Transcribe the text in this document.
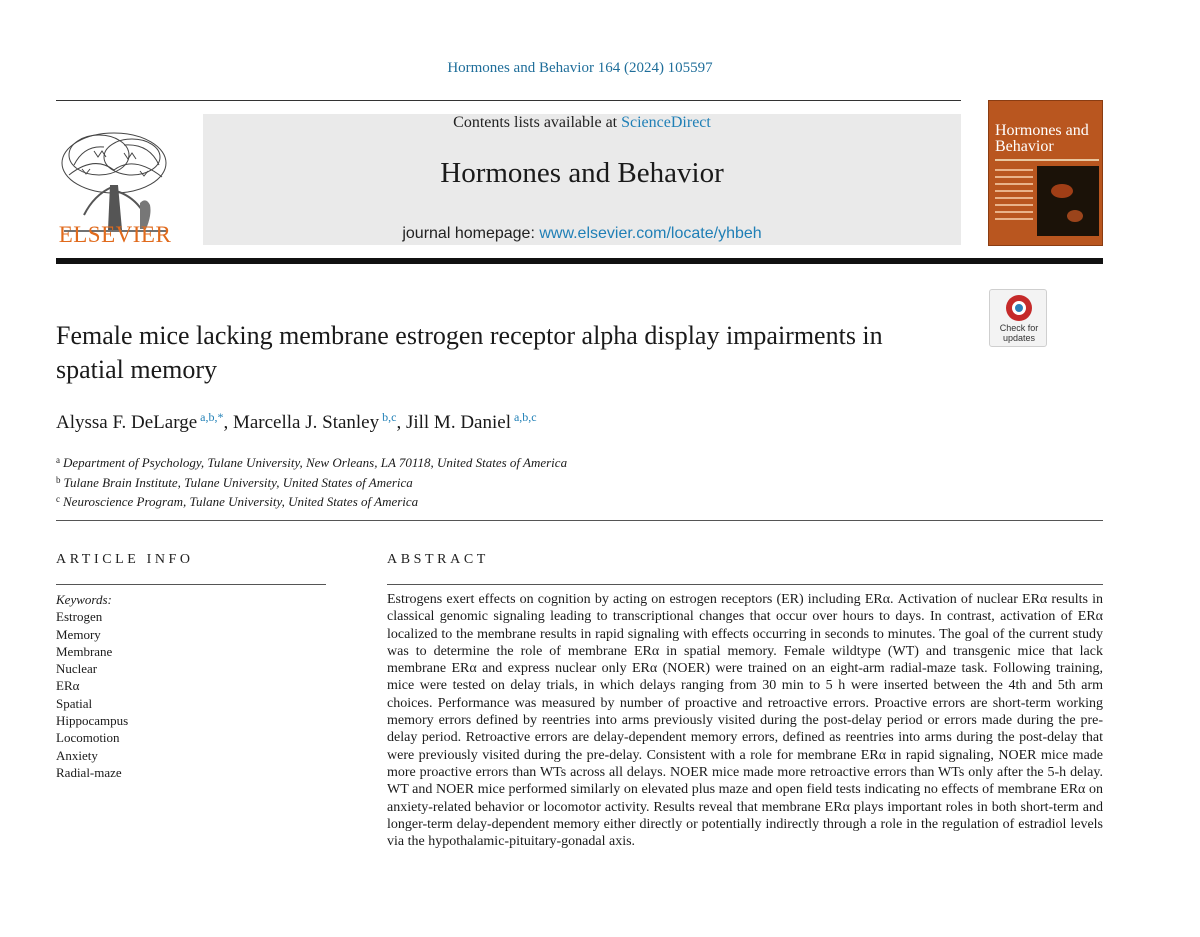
Hormones and Behavior 164 (2024) 105597
ELSEVIER
Contents lists available at ScienceDirect
Hormones and Behavior
journal homepage: www.elsevier.com/locate/yhbeh
Hormones and Behavior
Check for updates
Female mice lacking membrane estrogen receptor alpha display impairments in spatial memory
Alyssa F. DeLarge $^{a,b,*}$, Marcella J. Stanley $^{b,c}$, Jill M. Daniel $^{a,b,c}$
$^a$ Department of Psychology, Tulane University, New Orleans, LA 70118, United States of America
$^b$ Tulane Brain Institute, Tulane University, United States of America
$^c$ Neuroscience Program, Tulane University, United States of America
ARTICLE INFO	ABSTRACT
Keywords:
Estrogen
Memory
Membrane
Nuclear
ERα
Spatial
Hippocampus
Locomotion
Anxiety
Radial-maze
Estrogens exert effects on cognition by acting on estrogen receptors (ER) including ERα. Activation of nuclear ERα results in classical genomic signaling leading to transcriptional changes that occur over hours to days. In contrast, activation of ERα localized to the membrane results in rapid signaling with effects occurring in seconds to minutes. The goal of the current study was to determine the role of membrane ERα in spatial memory. Female wildtype (WT) and transgenic mice that lack membrane ERα and express nuclear only ERα (NOER) were trained on an eight-arm radial-maze task. Following training, mice were tested on delay trials, in which delays ranging from 30 min to 5 h were inserted between the 4th and 5th arm choices. Performance was measured by number of proactive and retroactive errors. Proactive errors are short-term working memory errors defined by reentries into arms previously visited during the post-delay period or errors made during the pre-delay period. Retroactive errors are delay-dependent memory errors, defined as reentries into arms during the post-delay that were previously visited during the pre-delay. Consistent with a role for membrane ERα in rapid signaling, NOER mice made more proactive errors than WTs across all delays. NOER mice made more retroactive errors than WTs only after the 5-h delay. WT and NOER mice performed similarly on elevated plus maze and open field tests indicating no effects of membrane ERα on anxiety-related behavior or locomotor activity. Results reveal that membrane ERα plays important roles in both short-term and longer-term delay-dependent memory either directly or potentially indirectly through a role in the regulation of estradiol levels via the hypothalamic-pituitary-gonadal axis.
